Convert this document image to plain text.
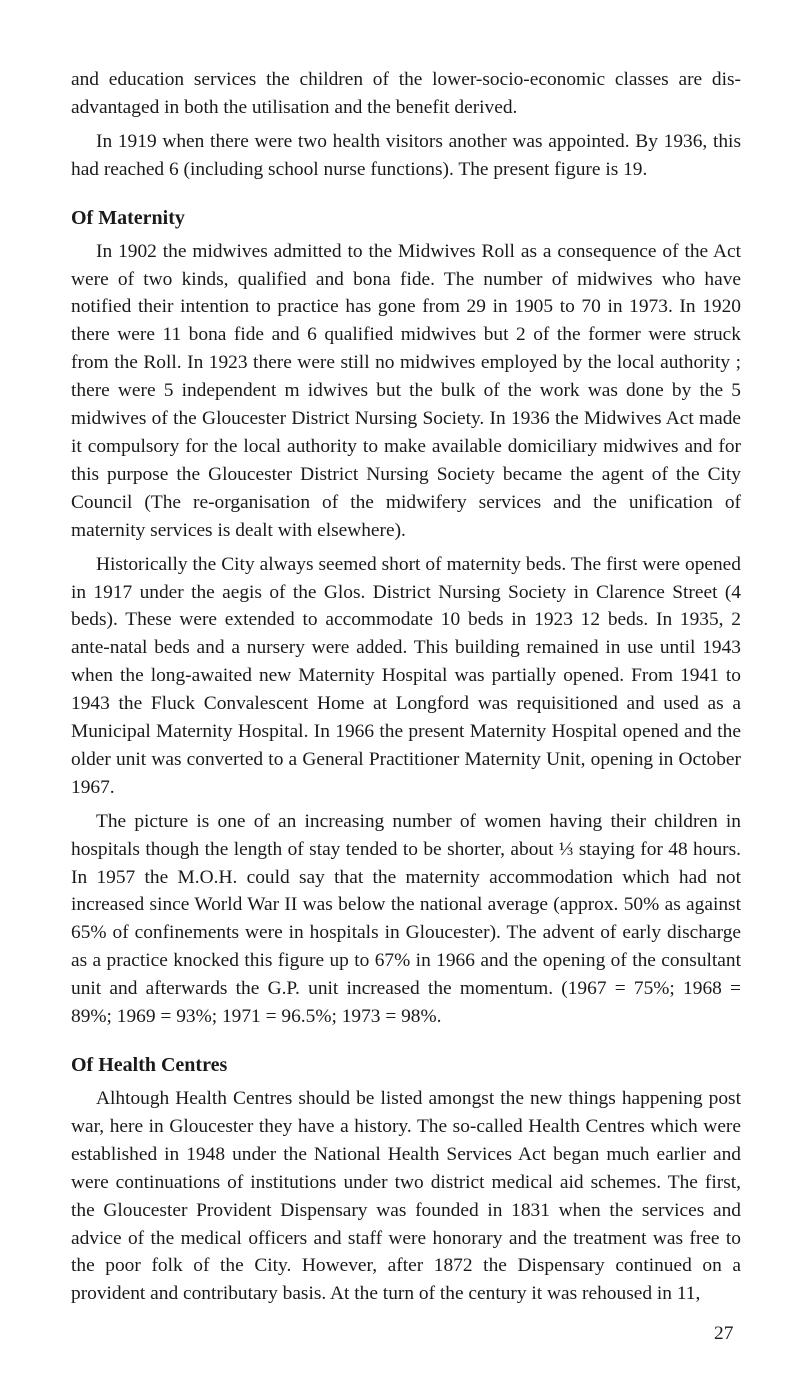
and education services the children of the lower-socio-economic classes are dis-advantaged in both the utilisation and the benefit derived.

In 1919 when there were two health visitors another was appointed. By 1936, this had reached 6 (including school nurse functions). The present figure is 19.

Of Maternity

In 1902 the midwives admitted to the Midwives Roll as a consequence of the Act were of two kinds, qualified and bona fide. The number of midwives who have notified their intention to practice has gone from 29 in 1905 to 70 in 1973. In 1920 there were 11 bona fide and 6 qualified midwives but 2 of the former were struck from the Roll. In 1923 there were still no midwives employed by the local authority ; there were 5 independent m idwives but the bulk of the work was done by the 5 midwives of the Gloucester District Nursing Society. In 1936 the Midwives Act made it compulsory for the local authority to make available domiciliary midwives and for this purpose the Gloucester District Nursing Society became the agent of the City Council (The re-organisation of the midwifery services and the unification of maternity services is dealt with elsewhere).

Historically the City always seemed short of maternity beds. The first were opened in 1917 under the aegis of the Glos. District Nursing Society in Clarence Street (4 beds). These were extended to accommodate 10 beds in 1923 12 beds. In 1935, 2 ante-natal beds and a nursery were added. This building remained in use until 1943 when the long-awaited new Maternity Hospital was partially opened. From 1941 to 1943 the Fluck Convalescent Home at Longford was requisitioned and used as a Municipal Maternity Hospital. In 1966 the present Maternity Hospital opened and the older unit was converted to a General Practitioner Maternity Unit, opening in October 1967.

The picture is one of an increasing number of women having their children in hospitals though the length of stay tended to be shorter, about ⅓ staying for 48 hours. In 1957 the M.O.H. could say that the maternity accommodation which had not increased since World War II was below the national average (approx. 50% as against 65% of confinements were in hospitals in Gloucester). The advent of early discharge as a practice knocked this figure up to 67% in 1966 and the opening of the consultant unit and afterwards the G.P. unit increased the momentum. (1967 = 75%; 1968 = 89%; 1969 = 93%; 1971 = 96.5%; 1973 = 98%.

Of Health Centres

Alhtough Health Centres should be listed amongst the new things happening post war, here in Gloucester they have a history. The so-called Health Centres which were established in 1948 under the National Health Services Act began much earlier and were continuations of institutions under two district medical aid schemes. The first, the Gloucester Provident Dispensary was founded in 1831 when the services and advice of the medical officers and staff were honorary and the treatment was free to the poor folk of the City. However, after 1872 the Dispensary continued on a provident and contributary basis. At the turn of the century it was rehoused in 11,

27
